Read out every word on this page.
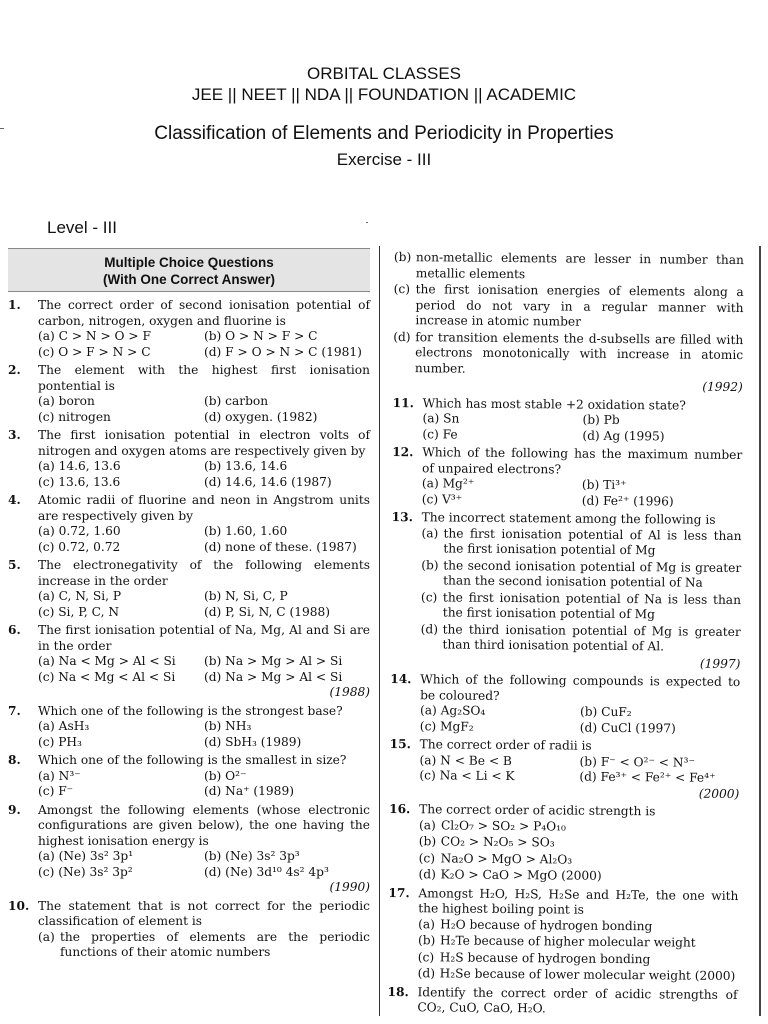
ORBITAL CLASSES
JEE || NEET || NDA || FOUNDATION || ACADEMIC
Classification of Elements and Periodicity in Properties
Exercise - III
Level - III
Multiple Choice Questions
(With One Correct Answer)
1.	The correct order of second ionisation potential of carbon, nitrogen, oxygen and fluorine is
(a) C > N > O > F	(b) O > N > F > C
(c) O > F > N > C	(d) F > O > N > C (1981)
2.	The element with the highest first ionisation pontential is
(a) boron	(b) carbon
(c) nitrogen	(d) oxygen. (1982)
3.	The first ionisation potential in electron volts of nitrogen and oxygen atoms are respectively given by
(a) 14.6, 13.6	(b) 13.6, 14.6
(c) 13.6, 13.6	(d) 14.6, 14.6 (1987)
4.	Atomic radii of fluorine and neon in Angstrom units are respectively given by
(a) 0.72, 1.60	(b) 1.60, 1.60
(c) 0.72, 0.72	(d) none of these. (1987)
5.	The electronegativity of the following elements increase in the order
(a) C, N, Si, P	(b) N, Si, C, P
(c) Si, P, C, N	(d) P, Si, N, C (1988)
6.	The first ionisation potential of Na, Mg, Al and Si are in the order
(a) Na < Mg > Al < Si	(b) Na > Mg > Al > Si
(c) Na < Mg < Al < Si	(d) Na > Mg > Al < Si
(1988)
7.	Which one of the following is the strongest base?
(a) AsH₃	(b) NH₃
(c) PH₃	(d) SbH₃ (1989)
8.	Which one of the following is the smallest in size?
(a) N³⁻	(b) O²⁻
(c) F⁻	(d) Na⁺ (1989)
9.	Amongst the following elements (whose electronic configurations are given below), the one having the highest ionisation energy is
(a) (Ne) 3s² 3p¹	(b) (Ne) 3s² 3p³
(c) (Ne) 3s² 3p²	(d) (Ne) 3d¹⁰ 4s² 4p³
(1990)
10. The statement that is not correct for the periodic classification of element is
(a) the properties of elements are the periodic functions of their atomic numbers
(b) non-metallic elements are lesser in number than metallic elements
(c) the first ionisation energies of elements along a period do not vary in a regular manner with increase in atomic number
(d) for transition elements the d-subsells are filled with electrons monotonically with increase in atomic number.
(1992)
11. Which has most stable +2 oxidation state?
(a) Sn	(b) Pb
(c) Fe	(d) Ag (1995)
12. Which of the following has the maximum number of unpaired electrons?
(a) Mg²⁺	(b) Ti³⁺
(c) V³⁺	(d) Fe²⁺ (1996)
13. The incorrect statement among the following is
(a) the first ionisation potential of Al is less than the first ionisation potential of Mg
(b) the second ionisation potential of Mg is greater than the second ionisation potential of Na
(c) the first ionisation potential of Na is less than the first ionisation potential of Mg
(d) the third ionisation potential of Mg is greater than third ionisation potential of Al.
(1997)
14. Which of the following compounds is expected to be coloured?
(a) Ag₂SO₄	(b) CuF₂
(c) MgF₂	(d) CuCl (1997)
15. The correct order of radii is
(a) N < Be < B	(b) F⁻ < O²⁻ < N³⁻
(c) Na < Li < K	(d) Fe³⁺ < Fe²⁺ < Fe⁴⁺
(2000)
16. The correct order of acidic strength is
(a) Cl₂O₇ > SO₂ > P₄O₁₀
(b) CO₂ > N₂O₅ > SO₃
(c) Na₂O > MgO > Al₂O₃
(d) K₂O > CaO > MgO (2000)
17. Amongst H₂O, H₂S, H₂Se and H₂Te, the one with the highest boiling point is
(a) H₂O because of hydrogen bonding
(b) H₂Te because of higher molecular weight
(c) H₂S because of hydrogen bonding
(d) H₂Se because of lower molecular weight (2000)
18. Identify the correct order of acidic strengths of CO₂, CuO, CaO, H₂O.
